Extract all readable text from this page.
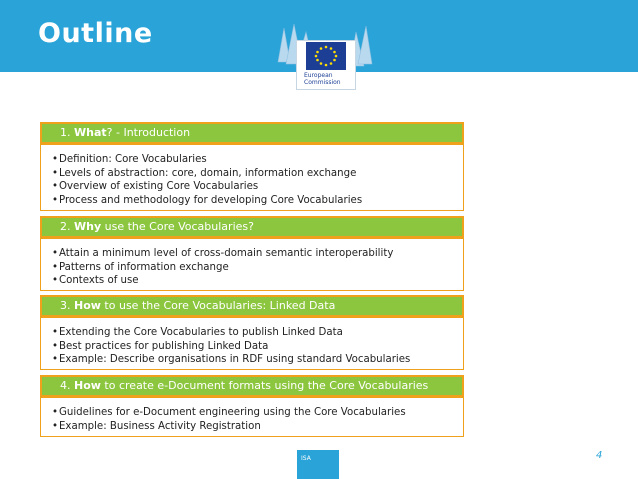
Outline
European
Commission
1. What? - Introduction
• Definition: Core Vocabularies
• Levels of abstraction: core, domain, information exchange
• Overview of existing Core Vocabularies
• Process and methodology for developing Core Vocabularies
2. Why use the Core Vocabularies?
• Attain a minimum level of cross-domain semantic interoperability
• Patterns of information exchange
• Contexts of use
3. How to use the Core Vocabularies: Linked Data
• Extending the Core Vocabularies to publish Linked Data
• Best practices for publishing Linked Data
• Example: Describe organisations in RDF using standard Vocabularies
4. How to create e-Document formats using the Core Vocabularies
• Guidelines for e-Document engineering using the Core Vocabularies
• Example: Business Activity Registration
ISA	4
